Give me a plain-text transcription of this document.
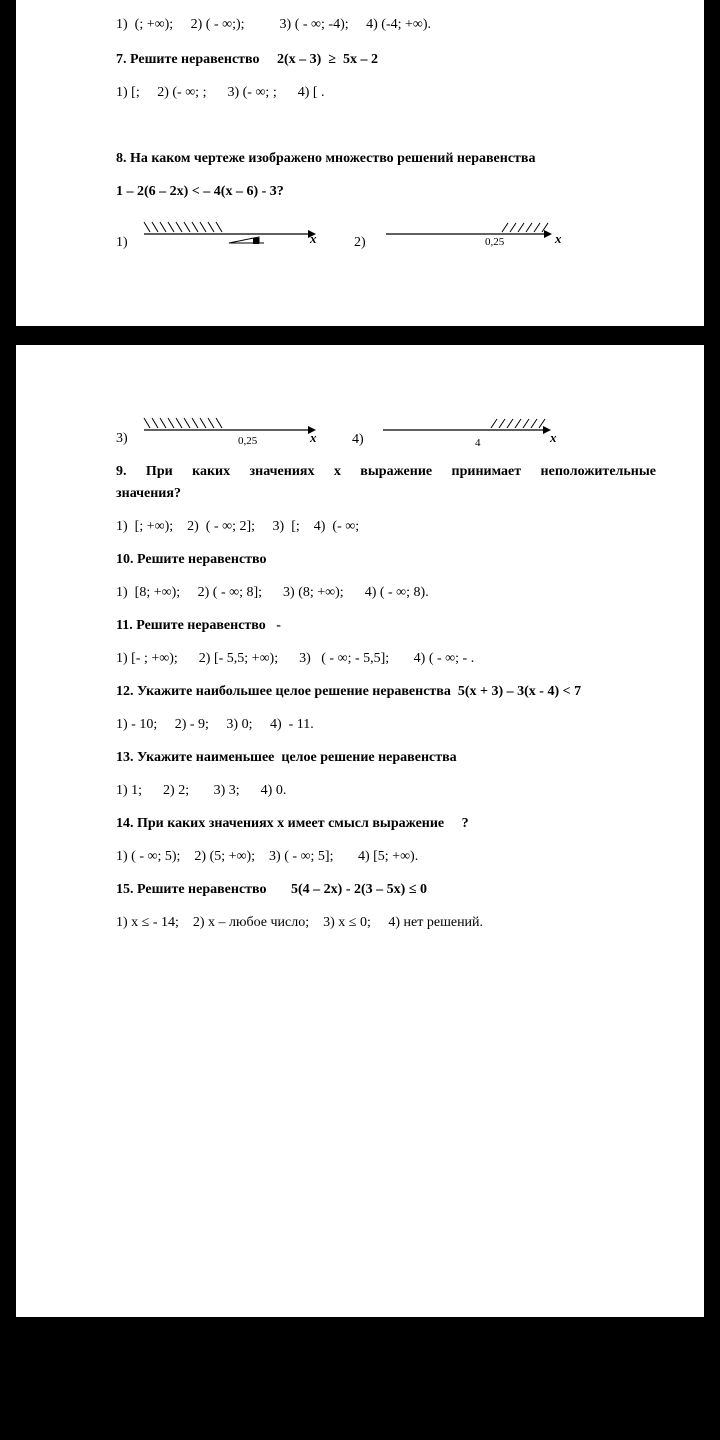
1)  (; +∞);     2) ( - ∞;);          3) ( - ∞; -4);     4) (-4; +∞).
7. Решите неравенство     2(x – 3)  ≥  5x – 2
1) [;     2) (- ∞; ;      3) (- ∞; ;      4) [ .
8. На каком чертеже изображено множество решений неравенства
1 – 2(6 – 2x) < – 4(x – 6) - 3?
1)	x	2)	0,25	x
3)	0,25	x	4)	4	x
9. При каких значениях x выражение принимает неположительные
значения?
1)  [; +∞);    2)  ( - ∞; 2];     3)  [;    4)  (- ∞;
10. Решите неравенство
1)  [8; +∞);     2) ( - ∞; 8];      3) (8; +∞);      4) ( - ∞; 8).
11. Решите неравенство   -
1) [- ; +∞);      2) [- 5,5; +∞);      3)   ( - ∞; - 5,5];       4) ( - ∞; - .
12. Укажите наибольшее целое решение неравенства  5(x + 3) – 3(x - 4) < 7
1) - 10;     2) - 9;     3) 0;     4)  - 11.
13. Укажите наименьшее  целое решение неравенства
1) 1;      2) 2;       3) 3;      4) 0.
14. При каких значениях x имеет смысл выражение     ?
1) ( - ∞; 5);    2) (5; +∞);    3) ( - ∞; 5];       4) [5; +∞).
15. Решите неравенство       5(4 – 2x) - 2(3 – 5x) ≤ 0
1) x ≤ - 14;    2) x – любое число;    3) x ≤ 0;     4) нет решений.
